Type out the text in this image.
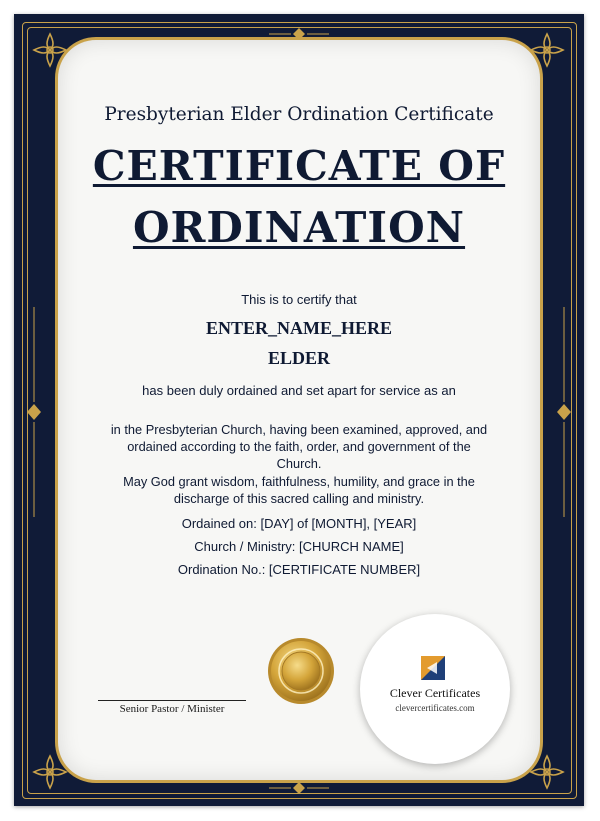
Presbyterian Elder Ordination Certificate
CERTIFICATE OF
ORDINATION
This is to certify that
ENTER_NAME_HERE
ELDER
has been duly ordained and set apart for service as an
in the Presbyterian Church, having been examined, approved, and ordained according to the faith, order, and government of the Church.
May God grant wisdom, faithfulness, humility, and grace in the discharge of this sacred calling and ministry.
Ordained on: [DAY] of [MONTH], [YEAR]
Church / Ministry: [CHURCH NAME]
Ordination No.: [CERTIFICATE NUMBER]
Senior Pastor / Minister
Clever Certificates
clevercertificates.com
